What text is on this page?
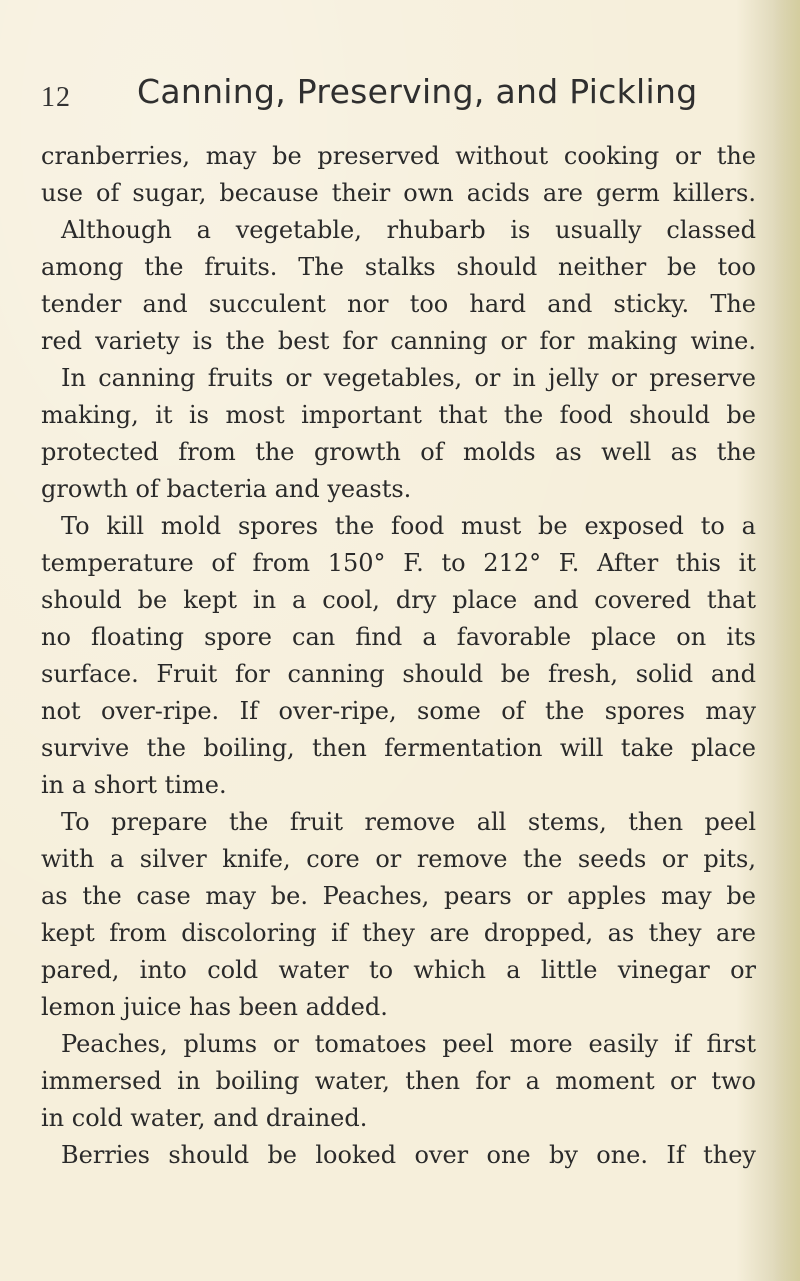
12 Canning, Preserving, and Pickling
cranberries, may be preserved without cooking or the
use of sugar, because their own acids are germ killers.
Although a vegetable, rhubarb is usually classed
among the fruits. The stalks should neither be too
tender and succulent nor too hard and sticky. The
red variety is the best for canning or for making wine.
In canning fruits or vegetables, or in jelly or preserve
making, it is most important that the food should be
protected from the growth of molds as well as the
growth of bacteria and yeasts.
To kill mold spores the food must be exposed to a
temperature of from 150° F. to 212° F. After this it
should be kept in a cool, dry place and covered that
no floating spore can find a favorable place on its
surface. Fruit for canning should be fresh, solid and
not over-ripe. If over-ripe, some of the spores may
survive the boiling, then fermentation will take place
in a short time.
To prepare the fruit remove all stems, then peel
with a silver knife, core or remove the seeds or pits,
as the case may be. Peaches, pears or apples may be
kept from discoloring if they are dropped, as they are
pared, into cold water to which a little vinegar or
lemon juice has been added.
Peaches, plums or tomatoes peel more easily if first
immersed in boiling water, then for a moment or two
in cold water, and drained.
Berries should be looked over one by one. If they
